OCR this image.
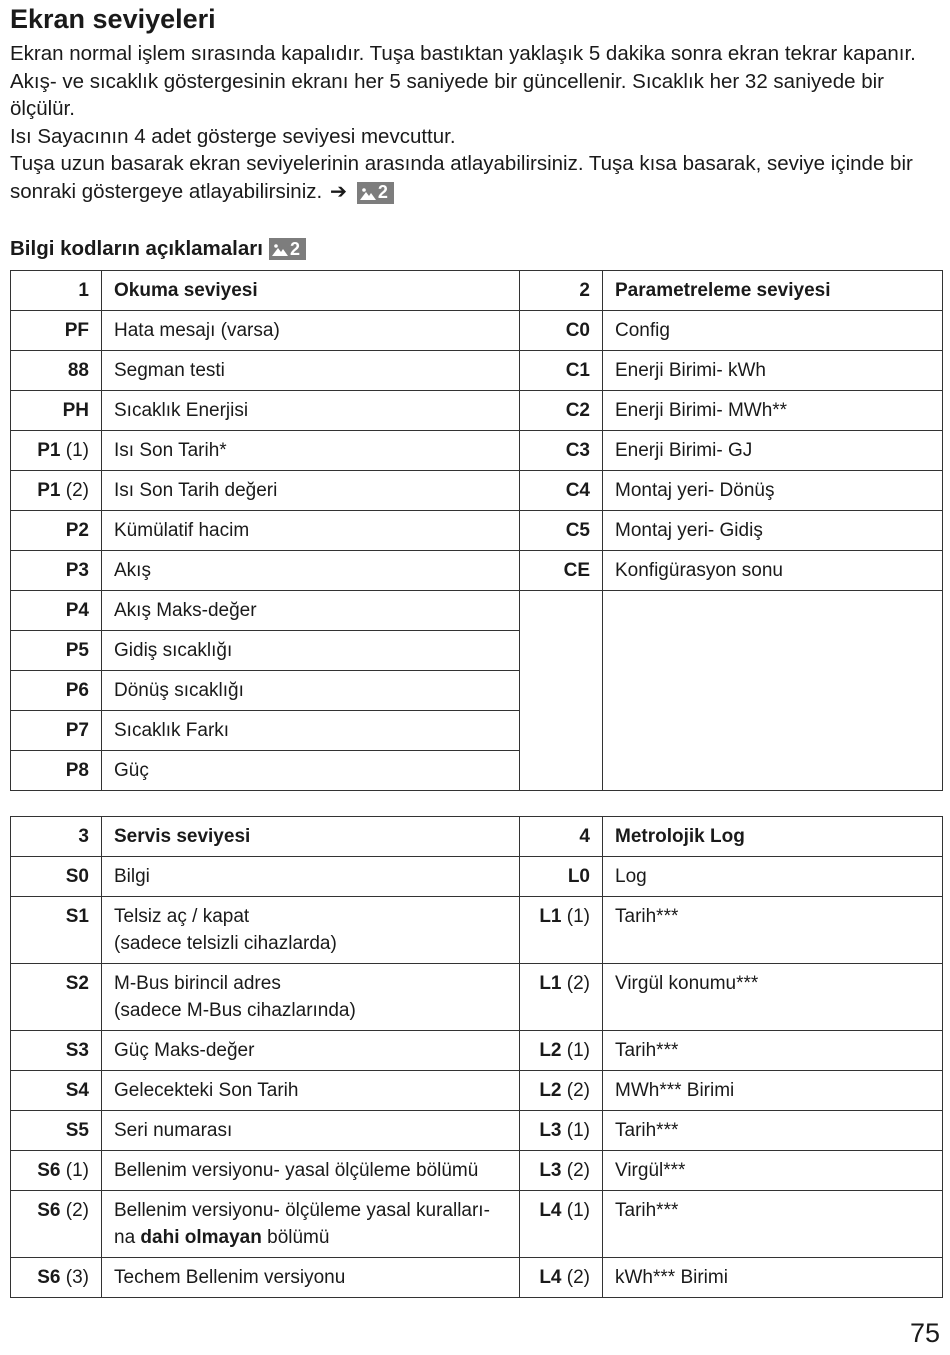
Ekran seviyeleri

Ekran normal işlem sırasında kapalıdır. Tuşa bastıktan yaklaşık 5 dakika sonra ekran tekrar kapanır. Akış- ve sıcaklık göstergesinin ekranı her 5 saniyede bir güncellenir. Sıcaklık her 32 saniyede bir ölçülür.

Isı Sayacının 4 adet gösterge seviyesi mevcuttur.

Tuşa uzun basarak ekran seviyelerinin arasında atlayabilirsiniz. Tuşa kısa basarak, seviye içinde bir sonraki göstergeye atlayabilirsiniz. ➔ 2

Bilgi kodların açıklamaları 2
1	Okuma seviyesi	2	Parametreleme seviyesi

PF	Hata mesajı (varsa)	C0	Config

88	Segman testi	C1	Enerji Birimi- kWh

PH	Sıcaklık Enerjisi	C2	Enerji Birimi- MWh**

P1 (1)	Isı Son Tarih*	C3	Enerji Birimi- GJ

P1 (2)	Isı Son Tarih değeri	C4	Montaj yeri- Dönüş

P2	Kümülatif hacim	C5	Montaj yeri- Gidiş

P3	Akış	CE	Konfigürasyon sonu

P4	Akış Maks-değer		

P5	Gidiş sıcaklığı		

P6	Dönüş sıcaklığı		

P7	Sıcaklık Farkı		

P8	Güç		
3	Servis seviyesi	4	Metrolojik Log

S0	Bilgi	L0	Log

S1	Telsiz aç / kapat
(sadece telsizli cihazlarda)	L1 (1)	Tarih***

S2	M-Bus birincil adres
(sadece M-Bus cihazlarında)	L1 (2)	Virgül konumu***

S3	Güç Maks-değer	L2 (1)	Tarih***

S4	Gelecekteki Son Tarih	L2 (2)	MWh*** Birimi

S5	Seri numarası	L3 (1)	Tarih***

S6 (1)	Bellenim versiyonu- yasal ölçüleme bölümü	L3 (2)	Virgül***

S6 (2)	Bellenim versiyonu- ölçüleme yasal kuralları-
na dahi olmayan bölümü	L4 (1)	Tarih***

S6 (3)	Techem Bellenim versiyonu	L4 (2)	kWh*** Birimi
75
